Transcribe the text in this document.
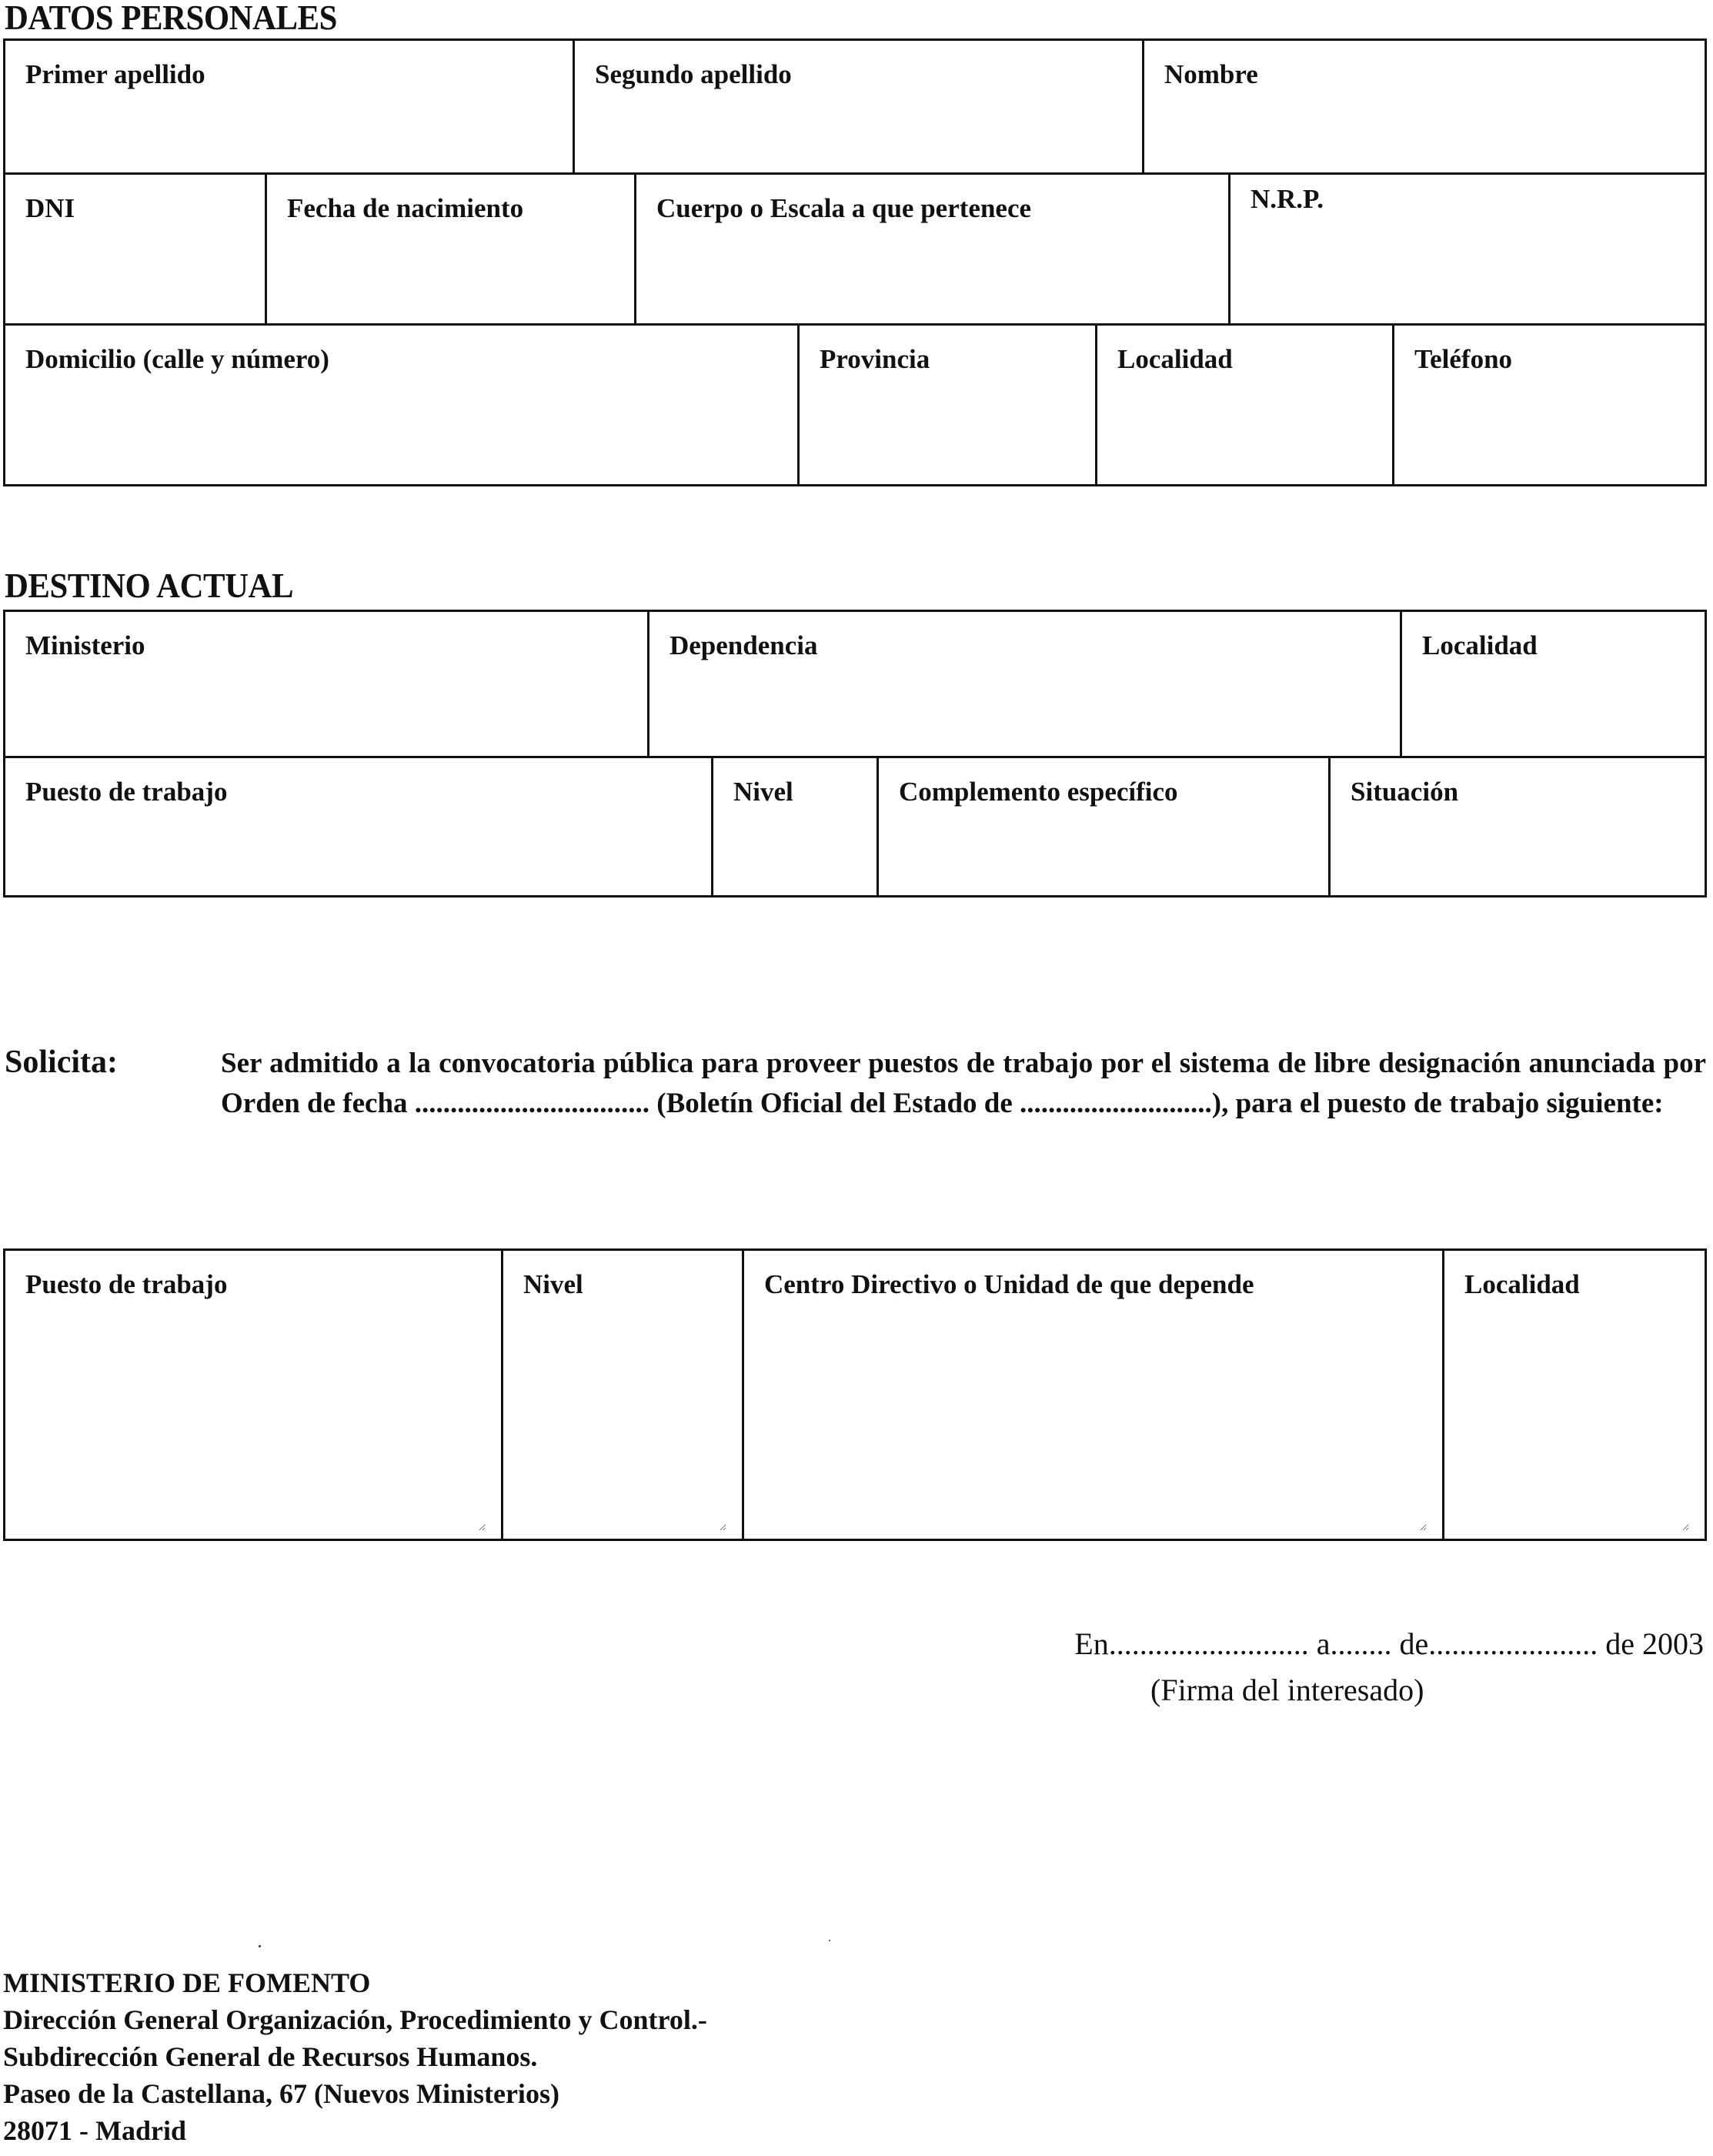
DATOS PERSONALES
Primer apellido	Segundo apellido	Nombre
DNI	Fecha de nacimiento	Cuerpo o Escala a que pertenece	N.R.P.
Domicilio (calle y número)	Provincia	Localidad	Teléfono
DESTINO ACTUAL
Ministerio	Dependencia	Localidad
Puesto de trabajo	Nivel	Complemento específico	Situación
Solicita:	Ser admitido a la convocatoria pública para proveer puestos de trabajo por el sistema de libre designación anunciada por Orden de fecha ................................. (Boletín Oficial del Estado de ...........................), para el puesto de trabajo siguiente:
Puesto de trabajo	Nivel	Centro Directivo o Unidad de que depende	Localidad
En.......................... a........ de...................... de 2003
(Firma del interesado)
MINISTERIO DE FOMENTO
Dirección General Organización, Procedimiento y Control.-
Subdirección General de Recursos Humanos.
Paseo de la Castellana, 67 (Nuevos Ministerios)
28071 - Madrid
